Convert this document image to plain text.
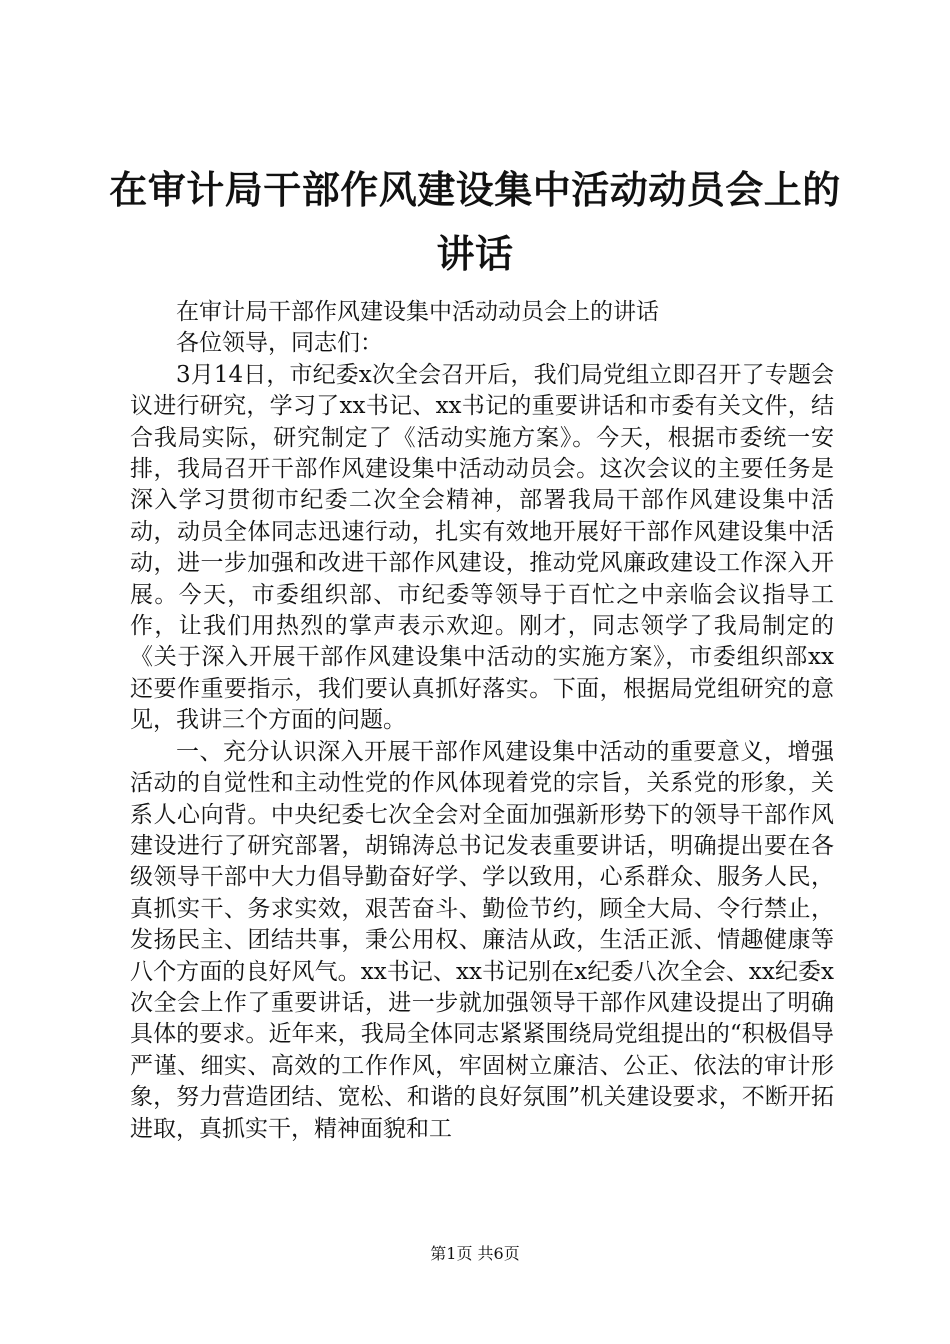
在审计局干部作风建设集中活动动员会上的讲话

在审计局干部作风建设集中活动动员会上的讲话

各位领导，同志们：

3月14日，市纪委x次全会召开后，我们局党组立即召开了专题会议进行研究，学习了xx书记、xx书记的重要讲话和市委有关文件，结合我局实际，研究制定了《活动实施方案》。今天，根据市委统一安排，我局召开干部作风建设集中活动动员会。这次会议的主要任务是深入学习贯彻市纪委二次全会精神，部署我局干部作风建设集中活动，动员全体同志迅速行动，扎实有效地开展好干部作风建设集中活动，进一步加强和改进干部作风建设，推动党风廉政建设工作深入开展。今天，市委组织部、市纪委等领导于百忙之中亲临会议指导工作，让我们用热烈的掌声表示欢迎。刚才，同志领学了我局制定的《关于深入开展干部作风建设集中活动的实施方案》，市委组织部xx还要作重要指示，我们要认真抓好落实。下面，根据局党组研究的意见，我讲三个方面的问题。

一、充分认识深入开展干部作风建设集中活动的重要意义，增强活动的自觉性和主动性党的作风体现着党的宗旨，关系党的形象，关系人心向背。中央纪委七次全会对全面加强新形势下的领导干部作风建设进行了研究部署，胡锦涛总书记发表重要讲话，明确提出要在各级领导干部中大力倡导勤奋好学、学以致用，心系群众、服务人民，真抓实干、务求实效，艰苦奋斗、勤俭节约，顾全大局、令行禁止，发扬民主、团结共事，秉公用权、廉洁从政，生活正派、情趣健康等八个方面的良好风气。xx书记、xx书记别在x纪委八次全会、xx纪委x次全会上作了重要讲话，进一步就加强领导干部作风建设提出了明确具体的要求。近年来，我局全体同志紧紧围绕局党组提出的“积极倡导严谨、细实、高效的工作作风，牢固树立廉洁、公正、依法的审计形象，努力营造团结、宽松、和谐的良好氛围”机关建设要求，不断开拓进取，真抓实干，精神面貌和工

第1页 共6页
